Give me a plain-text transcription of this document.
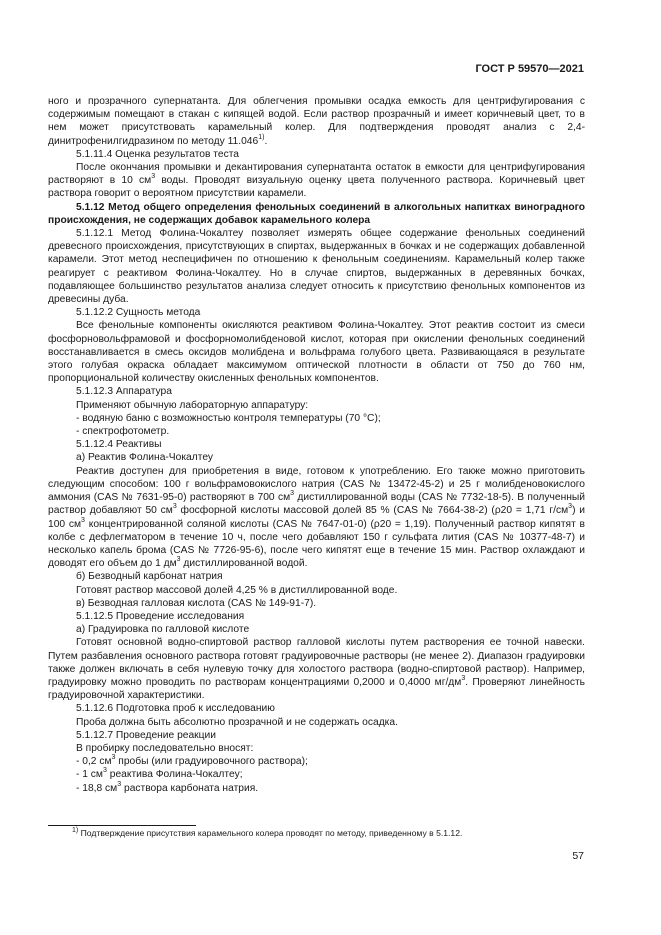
ГОСТ Р 59570—2021

ного и прозрачного супернатанта. Для облегчения промывки осадка емкость для центрифугирования с содержимым помещают в стакан с кипящей водой. Если раствор прозрачный и имеет коричневый цвет, то в нем может присутствовать карамельный колер. Для подтверждения проводят анализ с 2,4-динитрофенилгидразином по методу 11.046$^{1)}$.

5.1.11.4 Оценка результатов теста

После окончания промывки и декантирования супернатанта остаток в емкости для центрифугирования растворяют в 10 $см^3$ воды. Проводят визуальную оценку цвета полученного раствора. Коричневый цвет раствора говорит о вероятном присутствии карамели.

5.1.12 Метод общего определения фенольных соединений в алкогольных напитках виноградного происхождения, не содержащих добавок карамельного колера

5.1.12.1 Метод Фолина-Чокалтеу позволяет измерять общее содержание фенольных соединений древесного происхождения, присутствующих в спиртах, выдержанных в бочках и не содержащих добавленной карамели. Этот метод неспецифичен по отношению к фенольным соединениям. Карамельный колер также реагирует с реактивом Фолина-Чокалтеу. Но в случае спиртов, выдержанных в деревянных бочках, подавляющее большинство результатов анализа следует относить к присутствию фенольных компонентов из древесины дуба.

5.1.12.2 Сущность метода

Все фенольные компоненты окисляются реактивом Фолина-Чокалтеу. Этот реактив состоит из смеси фосфорновольфрамовой и фосфорномолибденовой кислот, которая при окислении фенольных соединений восстанавливается в смесь оксидов молибдена и вольфрама голубого цвета. Развивающаяся в результате этого голубая окраска обладает максимумом оптической плотности в области от 750 до 760 нм, пропорциональной количеству окисленных фенольных компонентов.

5.1.12.3 Аппаратура

Применяют обычную лабораторную аппаратуру:

- водяную баню с возможностью контроля температуры (70 °С);

- спектрофотометр.

5.1.12.4 Реактивы

а) Реактив Фолина-Чокалтеу

Реактив доступен для приобретения в виде, готовом к употреблению. Его также можно приготовить следующим способом: 100 г вольфрамовокислого натрия (CAS № 13472-45-2) и 25 г молибденовокислого аммония (CAS № 7631-95-0) растворяют в 700 $см^3$ дистиллированной воды (CAS № 7732-18-5). В полученный раствор добавляют 50 $см^3$ фосфорной кислоты массовой долей 85 % (CAS № 7664-38-2) (ρ20 = 1,71 $г/см^3$) и 100 $см^3$ концентрированной соляной кислоты (CAS № 7647-01-0) (ρ20 = 1,19). Полученный раствор кипятят в колбе с дефлегматором в течение 10 ч, после чего добавляют 150 г сульфата лития (CAS № 10377-48-7) и несколько капель брома (CAS № 7726-95-6), после чего кипятят еще в течение 15 мин. Раствор охлаждают и доводят его объем до 1 $дм^3$ дистиллированной водой.

б) Безводный карбонат натрия

Готовят раствор массовой долей 4,25 % в дистиллированной воде.

в) Безводная галловая кислота (CAS № 149-91-7).

5.1.12.5 Проведение исследования

а) Градуировка по галловой кислоте

Готовят основной водно-спиртовой раствор галловой кислоты путем растворения ее точной навески. Путем разбавления основного раствора готовят градуировочные растворы (не менее 2). Диапазон градуировки также должен включать в себя нулевую точку для холостого раствора (водно-спиртовой раствор). Например, градуировку можно проводить по растворам концентрациями 0,2000 и 0,4000 $мг/дм^3$. Проверяют линейность градуировочной характеристики.

5.1.12.6 Подготовка проб к исследованию

Проба должна быть абсолютно прозрачной и не содержать осадка.

5.1.12.7 Проведение реакции

В пробирку последовательно вносят:

- 0,2 $см^3$ пробы (или градуировочного раствора);

- 1 $см^3$ реактива Фолина-Чокалтеу;

- 18,8 $см^3$ раствора карбоната натрия.

$^{1)}$ Подтверждение присутствия карамельного колера проводят по методу, приведенному в 5.1.12.
57
